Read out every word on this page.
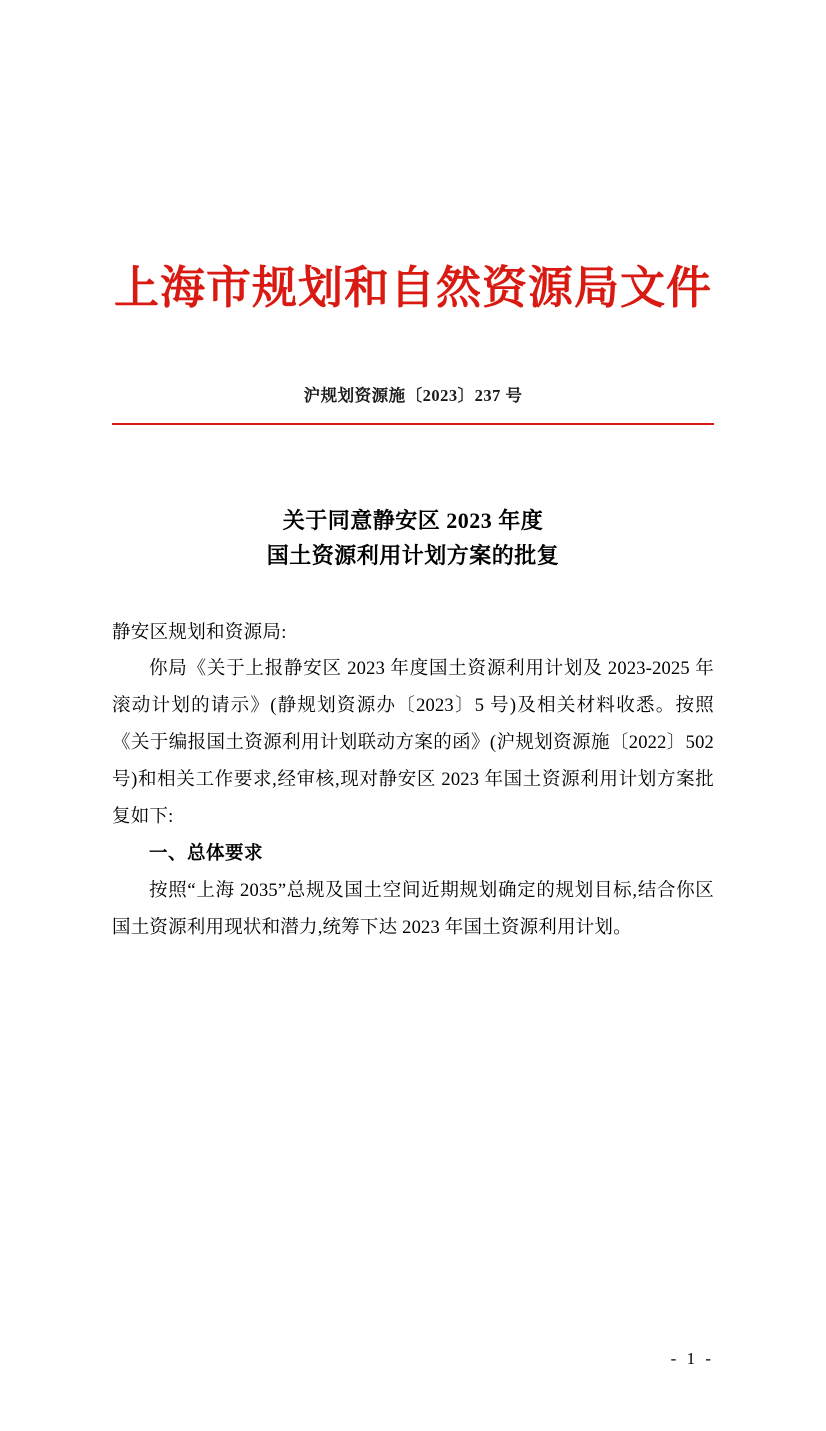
上海市规划和自然资源局文件
沪规划资源施〔2023〕237 号
关于同意静安区 2023 年度
国土资源利用计划方案的批复
静安区规划和资源局:

你局《关于上报静安区 2023 年度国土资源利用计划及 2023-2025 年滚动计划的请示》(静规划资源办〔2023〕5 号)及相关材料收悉。按照《关于编报国土资源利用计划联动方案的函》(沪规划资源施〔2022〕502 号)和相关工作要求,经审核,现对静安区 2023 年国土资源利用计划方案批复如下:

一、总体要求

按照“上海 2035”总规及国土空间近期规划确定的规划目标,结合你区国土资源利用现状和潜力,统筹下达 2023 年国土资源利用计划。

- 1 -
